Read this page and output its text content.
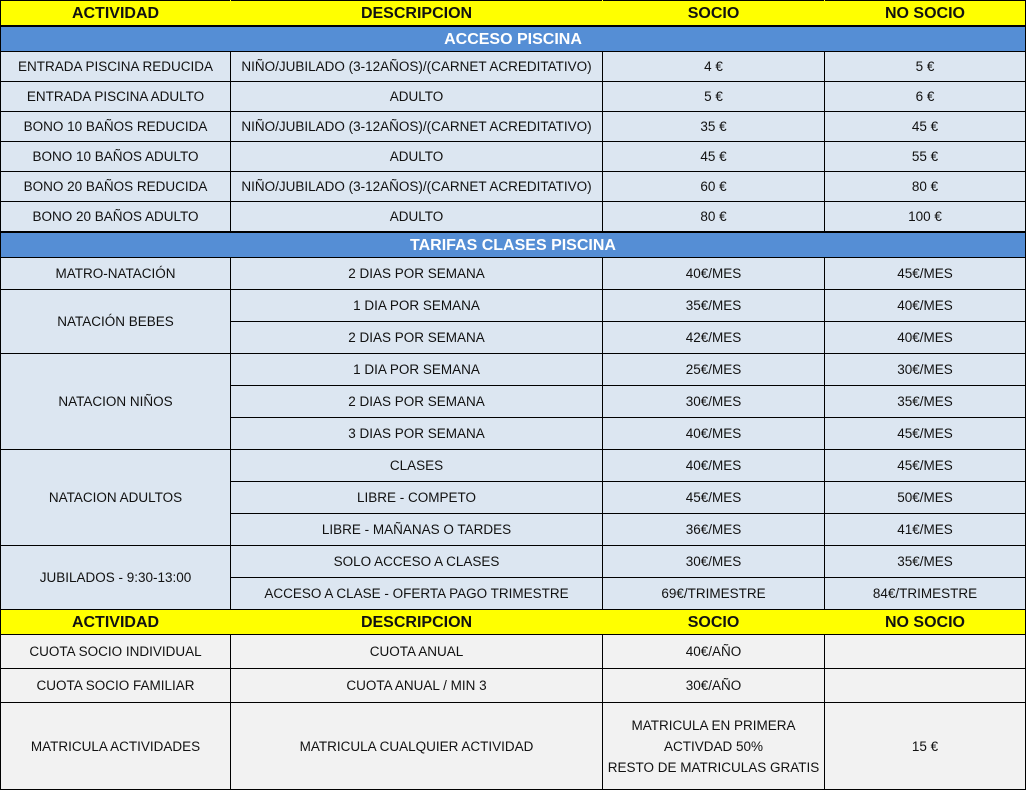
ACTIVIDAD	DESCRIPCION	SOCIO	NO SOCIO
ACCESO PISCINA			
ENTRADA PISCINA REDUCIDA	NIÑO/JUBILADO (3-12AÑOS)/(CARNET ACREDITATIVO)	4 €	5 €
ENTRADA PISCINA ADULTO	ADULTO	5 €	6 €
BONO 10 BAÑOS REDUCIDA	NIÑO/JUBILADO (3-12AÑOS)/(CARNET ACREDITATIVO)	35 €	45 €
BONO 10 BAÑOS ADULTO	ADULTO	45 €	55 €
BONO 20 BAÑOS REDUCIDA	NIÑO/JUBILADO (3-12AÑOS)/(CARNET ACREDITATIVO)	60 €	80 €
BONO 20 BAÑOS ADULTO	ADULTO	80 €	100 €
TARIFAS CLASES PISCINA			
MATRO-NATACIÓN	2 DIAS POR SEMANA	40€/MES	45€/MES
NATACIÓN BEBES	1 DIA POR SEMANA	35€/MES	40€/MES
	2 DIAS POR SEMANA	42€/MES	40€/MES
NATACION NIÑOS	1 DIA POR SEMANA	25€/MES	30€/MES
	2 DIAS POR SEMANA	30€/MES	35€/MES
	3 DIAS POR SEMANA	40€/MES	45€/MES
NATACION ADULTOS	CLASES	40€/MES	45€/MES
	LIBRE - COMPETO	45€/MES	50€/MES
	LIBRE - MAÑANAS O TARDES	36€/MES	41€/MES
JUBILADOS - 9:30-13:00	SOLO ACCESO A CLASES	30€/MES	35€/MES
	ACCESO A CLASE - OFERTA PAGO TRIMESTRE	69€/TRIMESTRE	84€/TRIMESTRE
ACTIVIDAD	DESCRIPCION	SOCIO	NO SOCIO
CUOTA SOCIO INDIVIDUAL	CUOTA ANUAL	40€/AÑO	
CUOTA SOCIO FAMILIAR	CUOTA ANUAL / MIN 3	30€/AÑO	
MATRICULA ACTIVIDADES	MATRICULA CUALQUIER ACTIVIDAD	MATRICULA EN PRIMERA
ACTIVDAD 50%
RESTO DE MATRICULAS GRATIS	15 €
